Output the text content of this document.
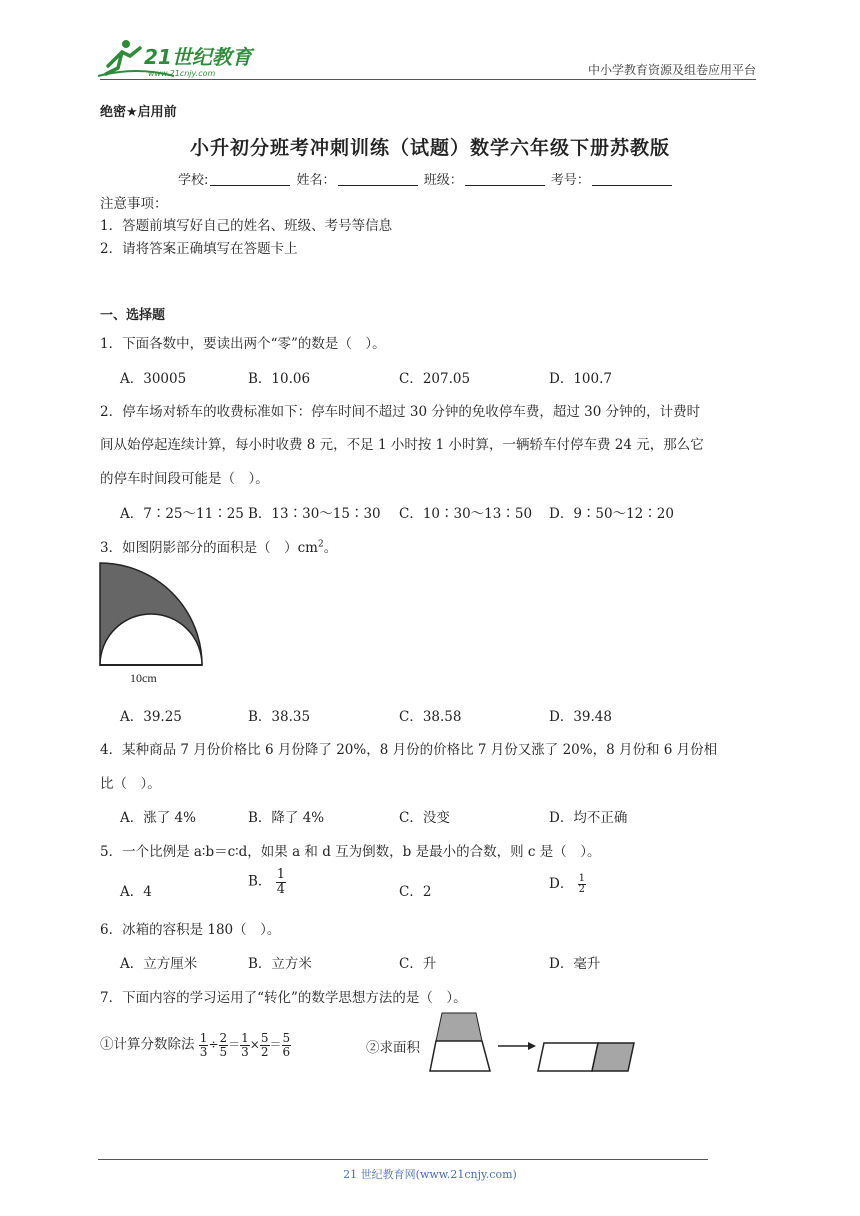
21世纪教育
www.21cnjy.com	中小学教育资源及组卷应用平台
绝密★启用前
小升初分班考冲刺训练（试题）数学六年级下册苏教版
学校:	姓名：	班级：	考号：
注意事项：
1．答题前填写好自己的姓名、班级、考号等信息
2．请将答案正确填写在答题卡上
一、选择题
1．下面各数中，要读出两个“零”的数是（　）。
A．30005	B．10.06	C．207.05	D．100.7
2．停车场对轿车的收费标准如下：停车时间不超过 30 分钟的免收停车费，超过 30 分钟的，计费时
间从始停起连续计算，每小时收费 8 元，不足 1 小时按 1 小时算，一辆轿车付停车费 24 元，那么它
的停车时间段可能是（　）。
A．7∶25～11∶25 B．13∶30～15∶30 C．10∶30～13∶50 D．9∶50～12∶20
3．如图阴影部分的面积是（　）$cm^2$。
10cm
A．39.25	B．38.35	C．38.58	D．39.48
4．某种商品 7 月份价格比 6 月份降了 20%，8 月份的价格比 7 月份又涨了 20%，8 月份和 6 月份相
比（　）。
A．涨了 4%	B．降了 4%	C．没变	D．均不正确
5．一个比例是 a∶b＝c∶d，如果 a 和 d 互为倒数，b 是最小的合数，则 c 是（　）。
A．4
B． $\frac{1}{4}$	C．2	D． $\frac{1}{2}$
6．冰箱的容积是 180（　）。
A．立方厘米	B．立方米	C．升	D．毫升
7．下面内容的学习运用了“转化”的数学思想方法的是（　）。
①计算分数除法 $\frac{1}{3} \div \frac{2}{5} = \frac{1}{3} \times \frac{5}{2} = \frac{5}{6}$	②求面积
21 世纪教育网(www.21cnjy.com)
